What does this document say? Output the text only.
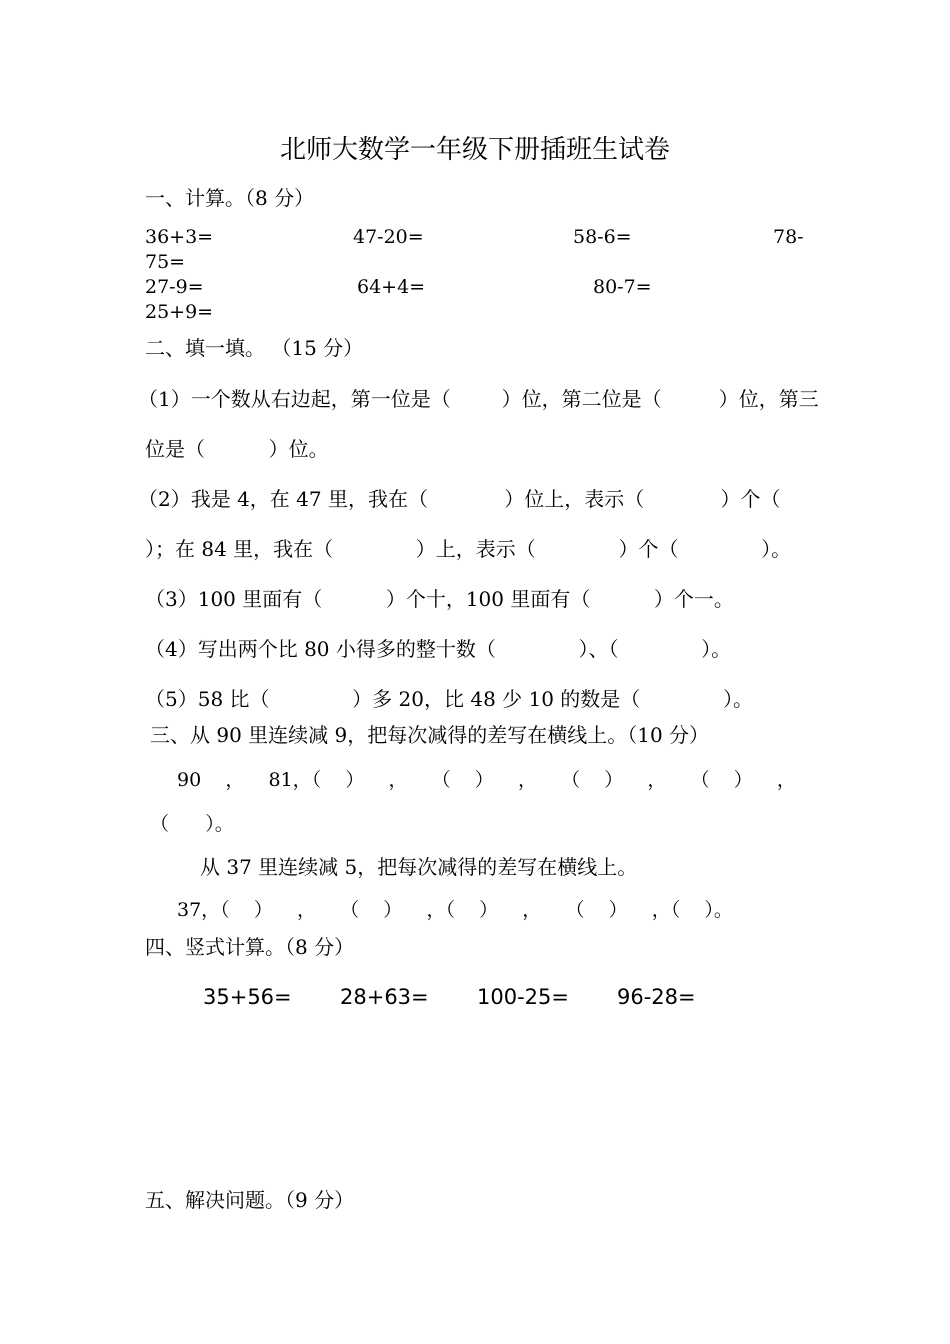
北师大数学一年级下册插班生试卷
一、计算。（8 分）
36+3=	47-20=	58-6=	78-
75=
27-9=	64+4=	80-7=
25+9=
二、填一填。 （15 分）
（1）一个数从右边起，第一位是（        ）位，第二位是（         ）位，第三
位是（          ）位。
（2）我是 4，在 47 里，我在（            ）位上，表示（            ）个（
）；在 84 里，我在（             ）上，表示（             ）个（             ）。
（3）100 里面有（          ）个十，100 里面有（          ）个一。
（4）写出两个比 80 小得多的整十数（             ）、（             ）。
（5）58 比（             ）多 20，比 48 少 10 的数是（             ）。
三、从 90 里连续减 9，把每次减得的差写在横线上。（10 分）
90    ，    81，（    ）    ，    （    ）    ，    （    ）    ，    （    ）    ，
（      ）。
从 37 里连续减 5，把每次减得的差写在横线上。
37，（    ）    ，    （    ）    ，（    ）    ，    （    ）    ，（    ）。
四、竖式计算。（8 分）
35+56= 28+63= 100-25= 96-28=
五、解决问题。（9 分）
